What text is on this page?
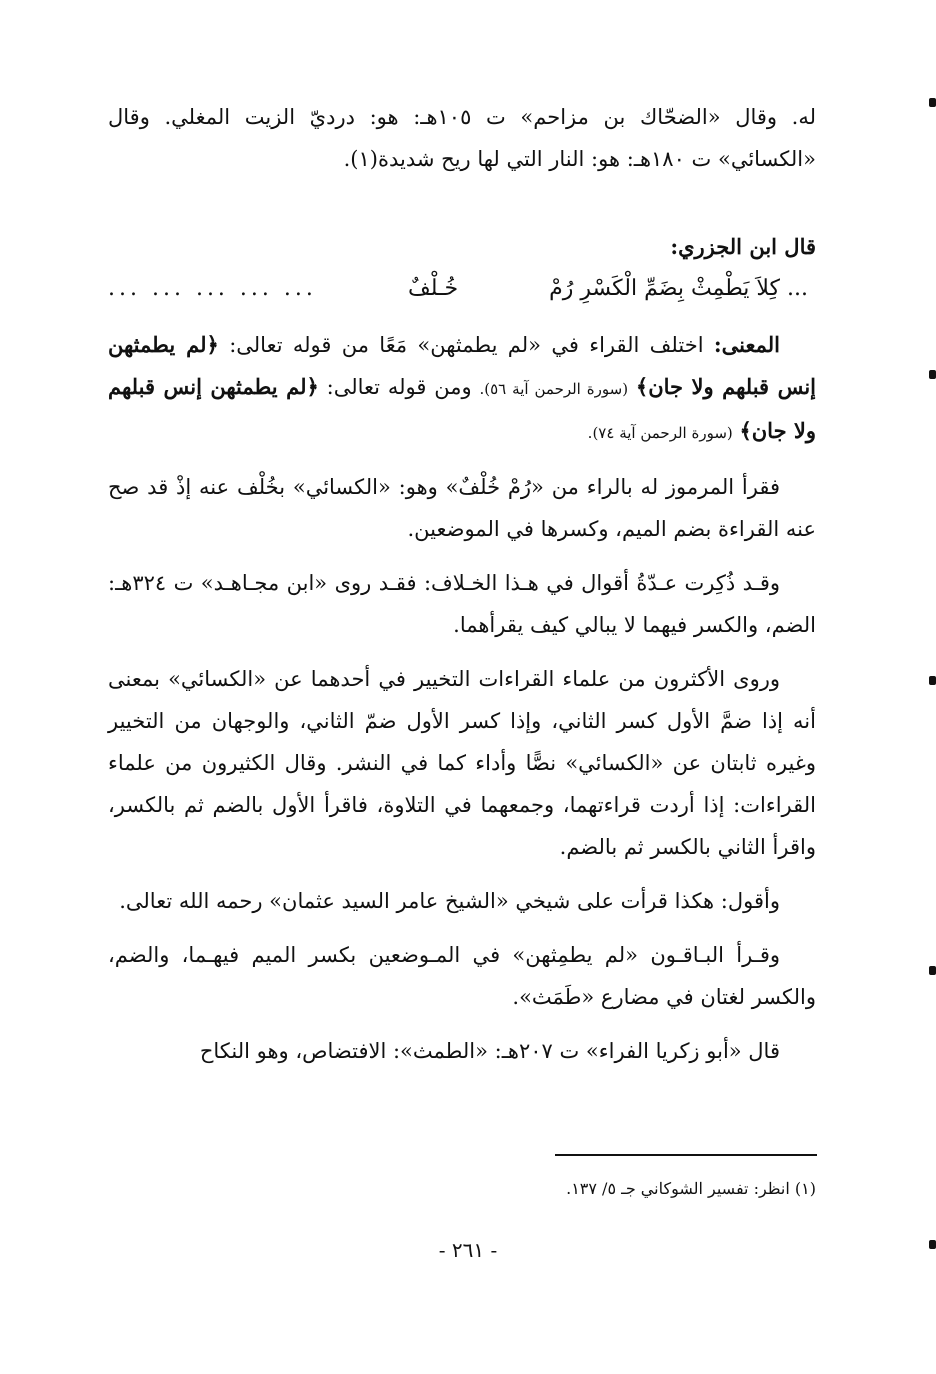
له. وقال «الضحّاك بن مزاحم» ت ١٠٥هـ: هو: درديّ الزيت المغلي. وقال «الكسائي» ت ١٨٠هـ: هو: النار التي لها ريح شديدة(١).

قال ابن الجزري:

... كِلاَ يَطْمِثْ بِضَمِّ الْكَسْرِ رُمْ
خُـلْفٌ
... ... ... ... ...

المعنى: اختلف القراء في «لم يطمثهن» مَعًا من قوله تعالى: ﴿لم يطمثهن إنس قبلهم ولا جان﴾ (سورة الرحمن آية ٥٦). ومن قوله تعالى: ﴿لم يطمثهن إنس قبلهم ولا جان﴾ (سورة الرحمن آية ٧٤).

فقرأ المرموز له بالراء من «رُمْ خُلْفٌ» وهو: «الكسائي» بخُلْف عنه إذْ قد صح عنه القراءة بضم الميم، وكسرها في الموضعين.

وقـد ذُكِرت عـدّةُ أقوال في هـذا الخـلاف: فقـد روى «ابن مجـاهـد» ت ٣٢٤هـ: الضم، والكسر فيهما لا يبالي كيف يقرأهما.

وروى الأكثرون من علماء القراءات التخيير في أحدهما عن «الكسائي» بمعنى أنه إذا ضمَّ الأول كسر الثاني، وإذا كسر الأول ضمّ الثاني، والوجهان من التخيير وغيره ثابتان عن «الكسائي» نصًّا وأداء كما في النشر. وقال الكثيرون من علماء القراءات: إذا أردت قراءتهما، وجمعهما في التلاوة، فاقرأ الأول بالضم ثم بالكسر، واقرأ الثاني بالكسر ثم بالضم.

وأقول: هكذا قرأت على شيخي «الشيخ عامر السيد عثمان» رحمه الله تعالى.

وقـرأ البـاقـون «لم يطمِثهن» في المـوضعين بكسر الميم فيهـما، والضم، والكسر لغتان في مضارع «طَمَث».

قال «أبو زكريا الفراء» ت ٢٠٧هـ: «الطمث»: الافتضاص، وهو النكاح

(١) انظر: تفسير الشوكاني جـ ٥/ ١٣٧.
- ٢٦١ -
